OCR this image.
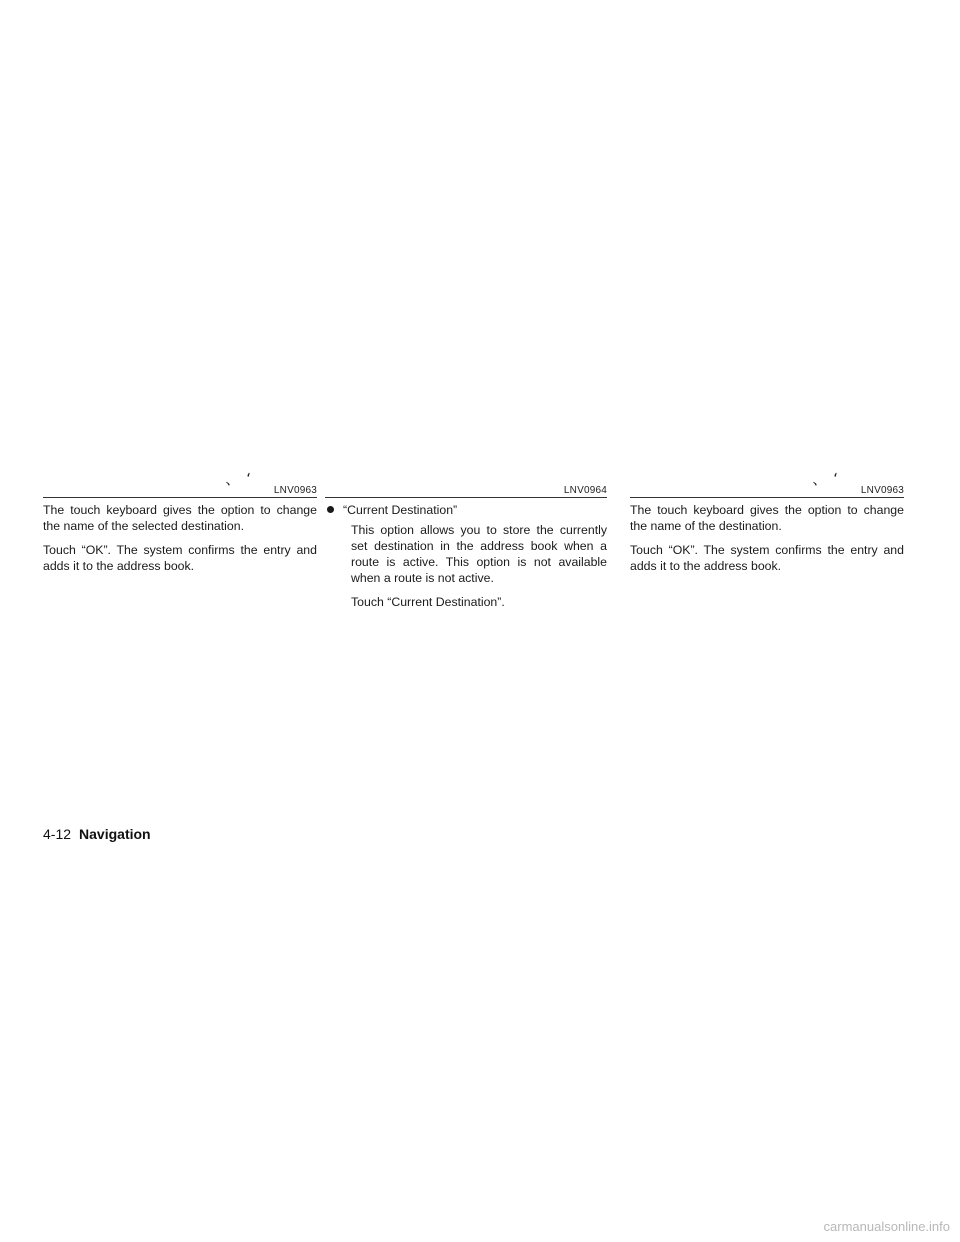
、ʻ
LNV0963

The touch keyboard gives the option to change the name of the selected destination.

Touch “OK”. The system confirms the entry and adds it to the address book.

LNV0964
“Current Destination”

This option allows you to store the currently set destination in the address book when a route is active. This option is not available when a route is not active.

Touch “Current Destination”.

、ʻ
LNV0963

The touch keyboard gives the option to change the name of the destination.

Touch “OK”. The system confirms the entry and adds it to the address book.

4-12 Navigation
carmanualsonline.info
